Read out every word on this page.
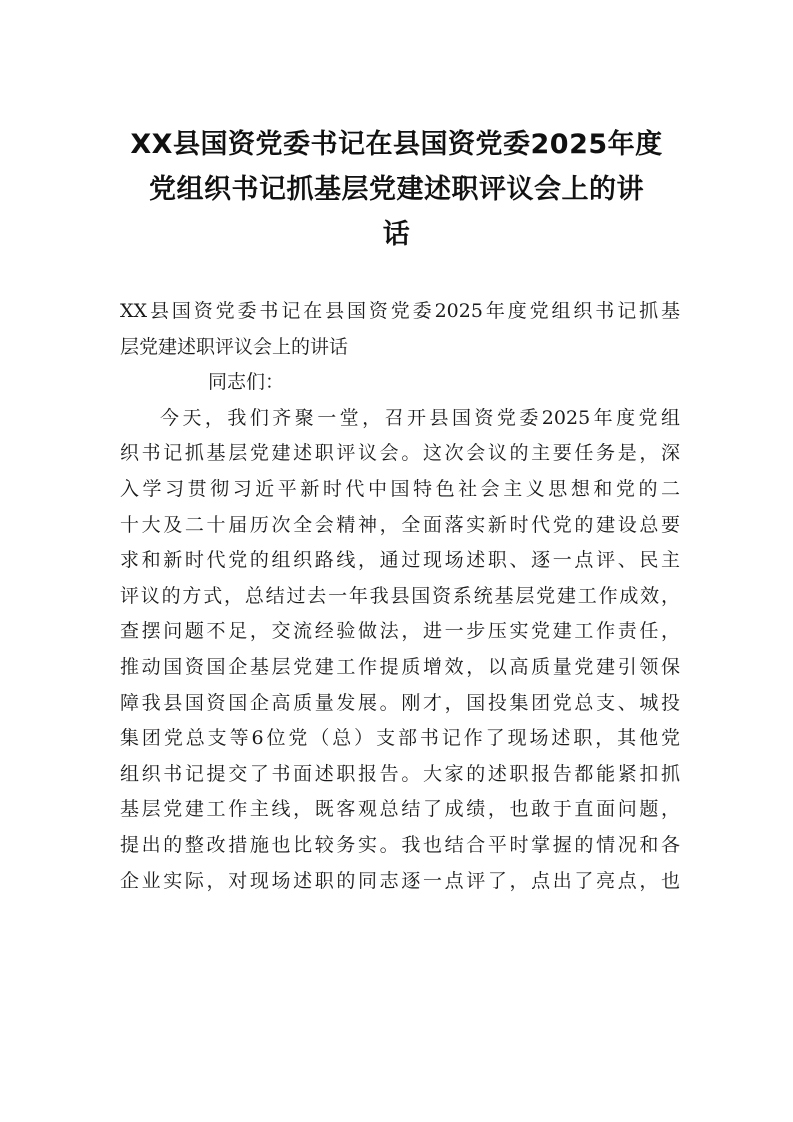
XX县国资党委书记在县国资党委2025年度
党组织书记抓基层党建述职评议会上的讲
话
XX县国资党委书记在县国资党委2025年度党组织书记抓基
层党建述职评议会上的讲话
同志们：
今天，我们齐聚一堂，召开县国资党委2025年度党组
织书记抓基层党建述职评议会。这次会议的主要任务是，深
入学习贯彻习近平新时代中国特色社会主义思想和党的二
十大及二十届历次全会精神，全面落实新时代党的建设总要
求和新时代党的组织路线，通过现场述职、逐一点评、民主
评议的方式，总结过去一年我县国资系统基层党建工作成效，
查摆问题不足，交流经验做法，进一步压实党建工作责任，
推动国资国企基层党建工作提质增效，以高质量党建引领保
障我县国资国企高质量发展。刚才，国投集团党总支、城投
集团党总支等6位党（总）支部书记作了现场述职，其他党
组织书记提交了书面述职报告。大家的述职报告都能紧扣抓
基层党建工作主线，既客观总结了成绩，也敢于直面问题，
提出的整改措施也比较务实。我也结合平时掌握的情况和各
企业实际，对现场述职的同志逐一点评了，点出了亮点，也
